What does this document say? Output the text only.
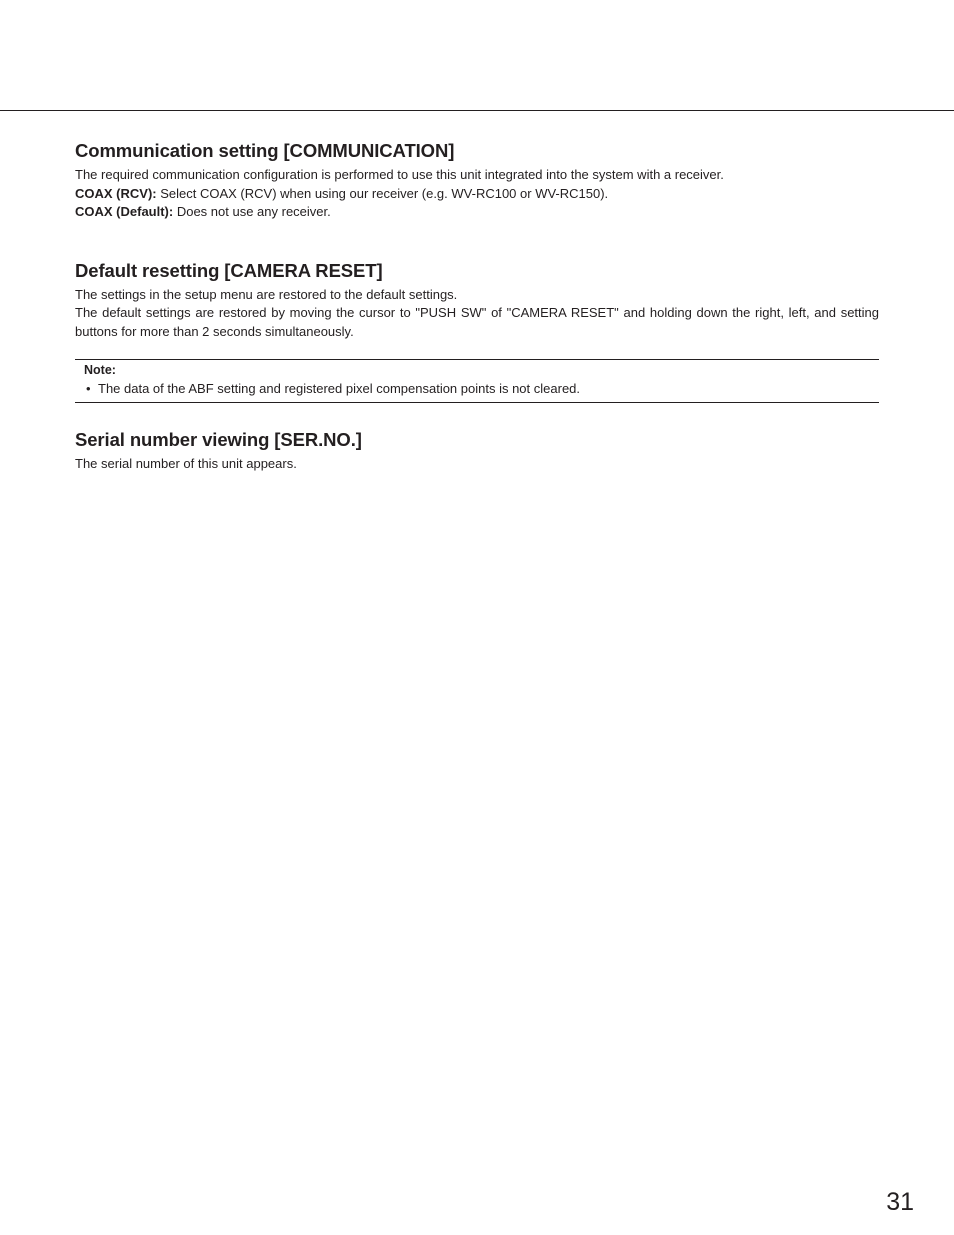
Communication setting [COMMUNICATION]

The required communication configuration is performed to use this unit integrated into the system with a receiver.

COAX (RCV): Select COAX (RCV) when using our receiver (e.g. WV-RC100 or WV-RC150).

COAX (Default): Does not use any receiver.

Default resetting [CAMERA RESET]

The settings in the setup menu are restored to the default settings.

The default settings are restored by moving the cursor to "PUSH SW" of "CAMERA RESET" and holding down the right, left, and setting buttons for more than 2 seconds simultaneously.

Note:
• The data of the ABF setting and registered pixel compensation points is not cleared.
Serial number viewing [SER.NO.]

The serial number of this unit appears.

31
